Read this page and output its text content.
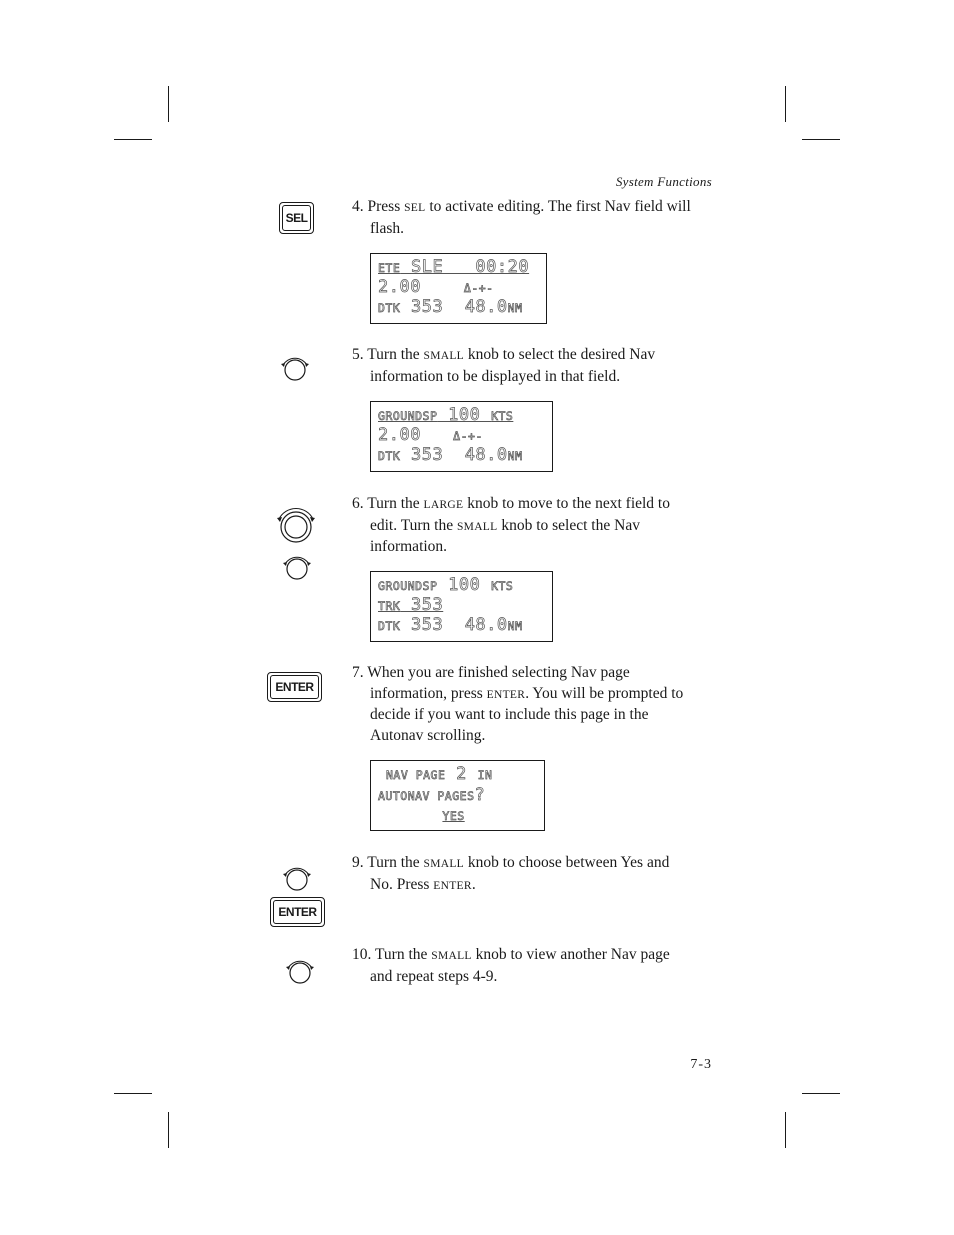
System Functions
7-3
SEL
4. Press SEL to activate editing. The first Nav field will
flash.
ETE SLE   00:20
2.00	Δ-+-
DTK 353  48.0NM
5. Turn the SMALL knob to select the desired Nav
information to be displayed in that field.
GROUNDSP 100 KTS
2.00	Δ-+-
DTK 353  48.0NM
6. Turn the LARGE knob to move to the next field to
edit. Turn the SMALL knob to select the Nav
information.
GROUNDSP 100 KTS
TRK 353
DTK 353  48.0NM
ENTER
7. When you are finished selecting Nav page
information, press ENTER. You will be prompted to
decide if you want to include this page in the
Autonav scrolling.
NAV PAGE 2 IN
AUTONAV PAGES?
YES
ENTER
9. Turn the SMALL knob to choose between Yes and
No. Press ENTER.
10. Turn the SMALL knob to view another Nav page
and repeat steps 4-9.
